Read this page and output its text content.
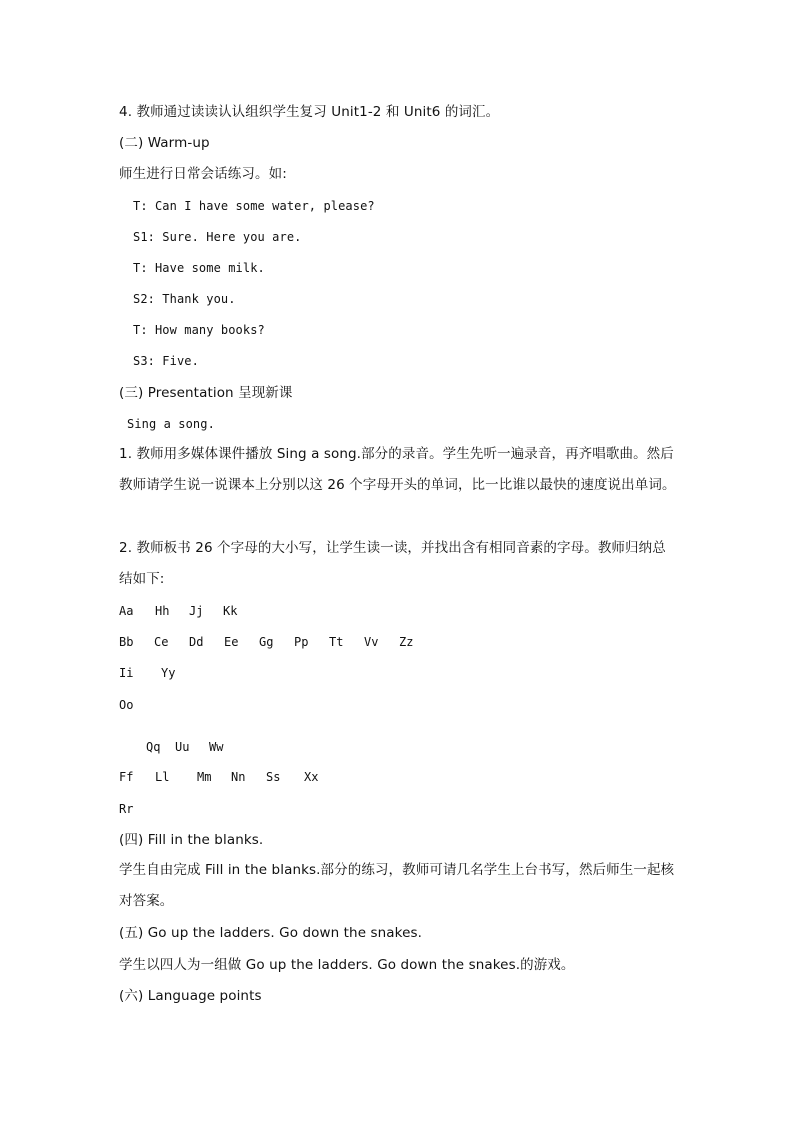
4. 教师通过读读认认组织学生复习 Unit1-2 和 Unit6 的词汇。
(二) Warm-up
师生进行日常会话练习。如:
T: Can I have some water, please?
S1: Sure. Here you are.
T: Have some milk.
S2: Thank you.
T: How many books?
S3: Five.
(三) Presentation 呈现新课
Sing a song.
1. 教师用多媒体课件播放 Sing a song.部分的录音。学生先听一遍录音，再齐唱歌曲。然后教师请学生说一说课本上分别以这 26 个字母开头的单词，比一比谁以最快的速度说出单词。
2. 教师板书 26 个字母的大小写，让学生读一读，并找出含有相同音素的字母。教师归纳总结如下:
Aa Hh Jj Kk
Bb Ce Dd Ee Gg Pp Tt Vv Zz
Ii Yy
Oo
Qq Uu Ww
Ff Ll Mm Nn Ss Xx
Rr
(四) Fill in the blanks.
学生自由完成 Fill in the blanks.部分的练习，教师可请几名学生上台书写，然后师生一起核对答案。
(五) Go up the ladders. Go down the snakes.
学生以四人为一组做 Go up the ladders. Go down the snakes.的游戏。
(六) Language points
